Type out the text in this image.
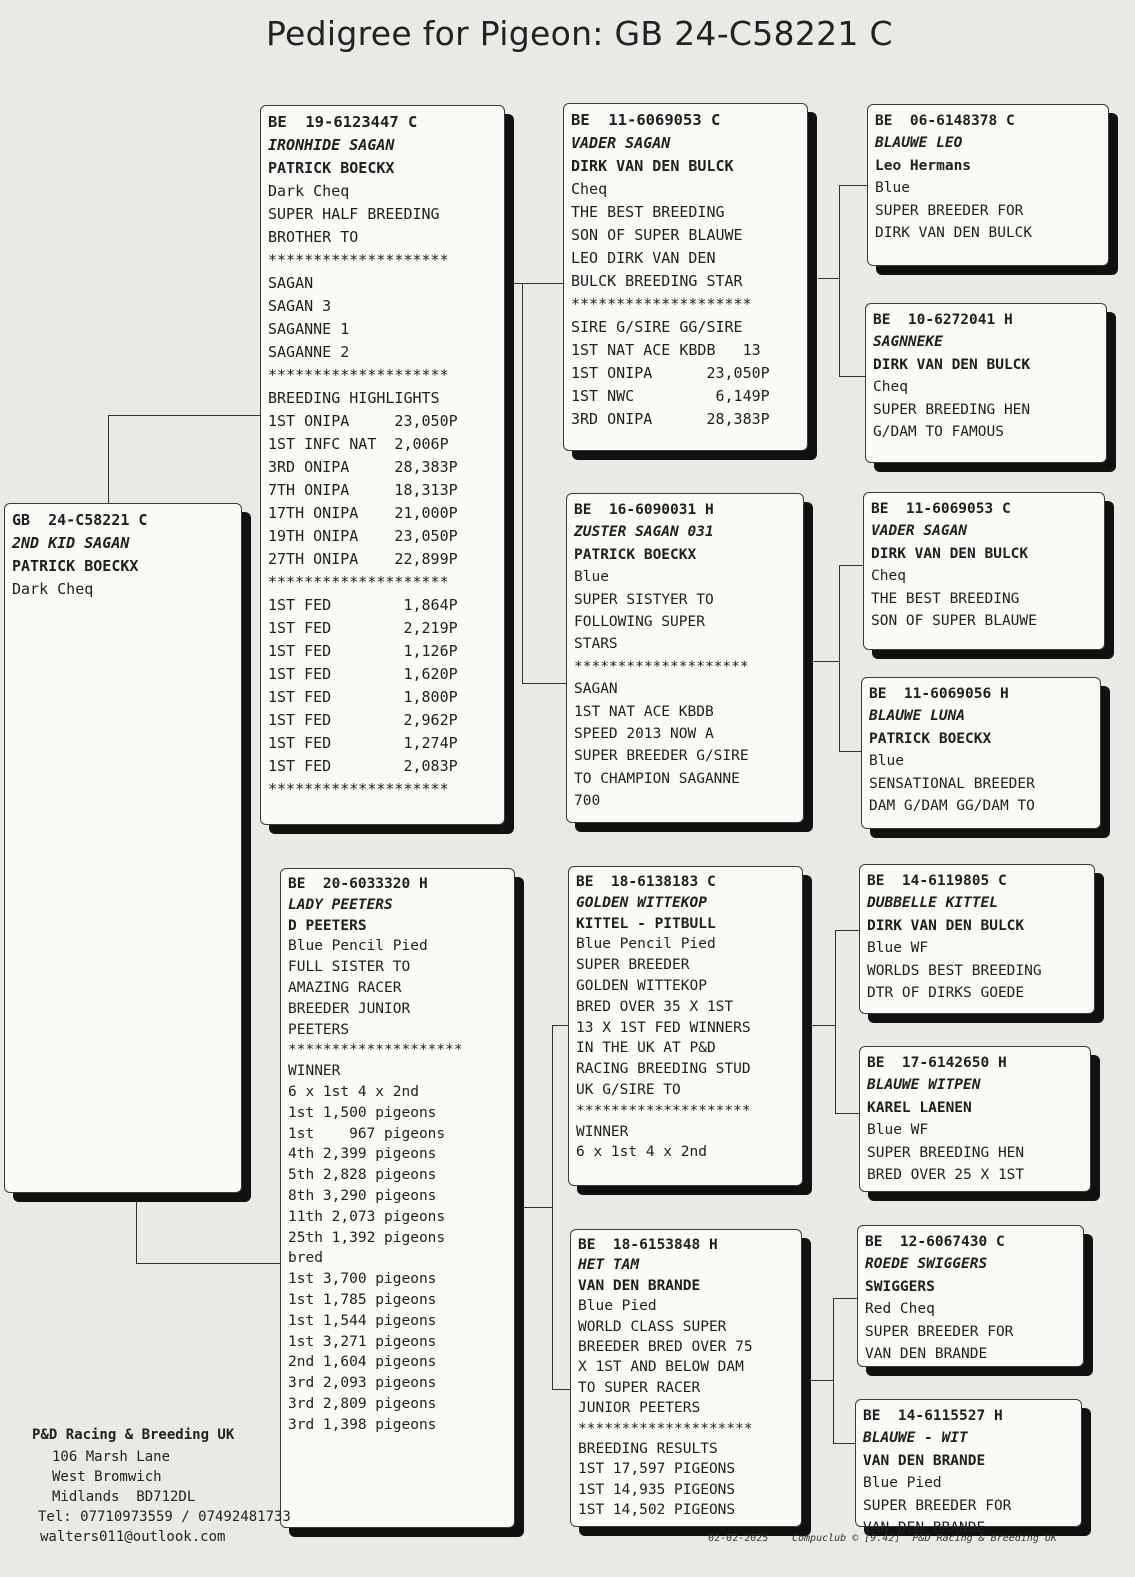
Pedigree for Pigeon: GB 24-C58221 C
GB  24-C58221 C
2ND KID SAGAN
PATRICK BOECKX
Dark Cheq
BE  19-6123447 C
IRONHIDE SAGAN
PATRICK BOECKX
Dark Cheq
SUPER HALF BREEDING
BROTHER TO
********************
SAGAN
SAGAN 3
SAGANNE 1
SAGANNE 2
********************
BREEDING HIGHLIGHTS
1ST ONIPA     23,050P
1ST INFC NAT  2,006P
3RD ONIPA     28,383P
7TH ONIPA     18,313P
17TH ONIPA    21,000P
19TH ONIPA    23,050P
27TH ONIPA    22,899P
********************
1ST FED        1,864P
1ST FED        2,219P
1ST FED        1,126P
1ST FED        1,620P
1ST FED        1,800P
1ST FED        2,962P
1ST FED        1,274P
1ST FED        2,083P
********************
BE  20-6033320 H
LADY PEETERS
D PEETERS
Blue Pencil Pied
FULL SISTER TO
AMAZING RACER
BREEDER JUNIOR
PEETERS
********************
WINNER
6 x 1st 4 x 2nd
1st 1,500 pigeons
1st    967 pigeons
4th 2,399 pigeons
5th 2,828 pigeons
8th 3,290 pigeons
11th 2,073 pigeons
25th 1,392 pigeons
bred
1st 3,700 pigeons
1st 1,785 pigeons
1st 1,544 pigeons
1st 3,271 pigeons
2nd 1,604 pigeons
3rd 2,093 pigeons
3rd 2,809 pigeons
3rd 1,398 pigeons
BE  11-6069053 C
VADER SAGAN
DIRK VAN DEN BULCK
Cheq
THE BEST BREEDING
SON OF SUPER BLAUWE
LEO DIRK VAN DEN
BULCK BREEDING STAR
********************
SIRE G/SIRE GG/SIRE
1ST NAT ACE KBDB   13
1ST ONIPA      23,050P
1ST NWC         6,149P
3RD ONIPA      28,383P
BE  16-6090031 H
ZUSTER SAGAN 031
PATRICK BOECKX
Blue
SUPER SISTYER TO
FOLLOWING SUPER
STARS
********************
SAGAN
1ST NAT ACE KBDB
SPEED 2013 NOW A
SUPER BREEDER G/SIRE
TO CHAMPION SAGANNE
700
BE  18-6138183 C
GOLDEN WITTEKOP
KITTEL - PITBULL
Blue Pencil Pied
SUPER BREEDER
GOLDEN WITTEKOP
BRED OVER 35 X 1ST
13 X 1ST FED WINNERS
IN THE UK AT P&D
RACING BREEDING STUD
UK G/SIRE TO
********************
WINNER
6 x 1st 4 x 2nd
BE  18-6153848 H
HET TAM
VAN DEN BRANDE
Blue Pied
WORLD CLASS SUPER
BREEDER BRED OVER 75
X 1ST AND BELOW DAM
TO SUPER RACER
JUNIOR PEETERS
********************
BREEDING RESULTS
1ST 17,597 PIGEONS
1ST 14,935 PIGEONS
1ST 14,502 PIGEONS
BE  06-6148378 C
BLAUWE LEO
Leo Hermans
Blue
SUPER BREEDER FOR
DIRK VAN DEN BULCK
BE  10-6272041 H
SAGNNEKE
DIRK VAN DEN BULCK
Cheq
SUPER BREEDING HEN
G/DAM TO FAMOUS
BE  11-6069053 C
VADER SAGAN
DIRK VAN DEN BULCK
Cheq
THE BEST BREEDING
SON OF SUPER BLAUWE
BE  11-6069056 H
BLAUWE LUNA
PATRICK BOECKX
Blue
SENSATIONAL BREEDER
DAM G/DAM GG/DAM TO
BE  14-6119805 C
DUBBELLE KITTEL
DIRK VAN DEN BULCK
Blue WF
WORLDS BEST BREEDING
DTR OF DIRKS GOEDE
BE  17-6142650 H
BLAUWE WITPEN
KAREL LAENEN
Blue WF
SUPER BREEDING HEN
BRED OVER 25 X 1ST
BE  12-6067430 C
ROEDE SWIGGERS
SWIGGERS
Red Cheq
SUPER BREEDER FOR
VAN DEN BRANDE
BE  14-6115527 H
BLAUWE - WIT
VAN DEN BRANDE
Blue Pied
SUPER BREEDER FOR
VAN DEN BRANDE
P&D Racing & Breeding UK
106 Marsh Lane
West Bromwich
Midlands  BD712DL
Tel: 07710973559 / 07492481733
walters011@outlook.com	02-02-2025 Compuclub © [9.42]  P&D Racing & Breeding UK
